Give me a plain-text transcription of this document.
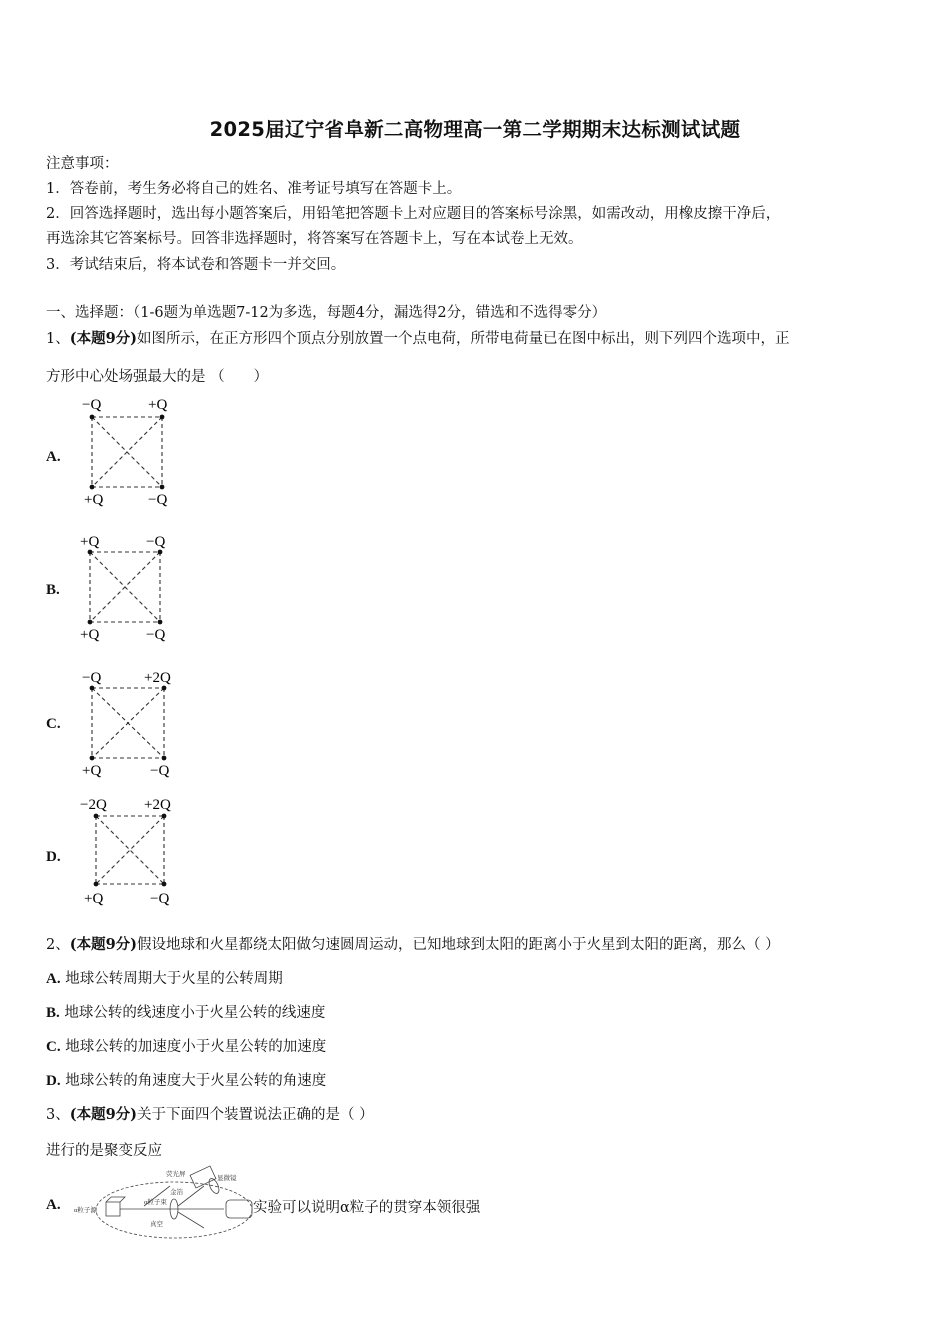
2025届辽宁省阜新二高物理高一第二学期期末达标测试试题
注意事项：
1．答卷前，考生务必将自己的姓名、准考证号填写在答题卡上。
2．回答选择题时，选出每小题答案后，用铅笔把答题卡上对应题目的答案标号涂黑，如需改动，用橡皮擦干净后，
再选涂其它答案标号。回答非选择题时，将答案写在答题卡上，写在本试卷上无效。
3．考试结束后，将本试卷和答题卡一并交回。
一、选择题：（1-6题为单选题7-12为多选，每题4分，漏选得2分，错选和不选得零分）
1、(本题9分)如图所示，在正方形四个顶点分别放置一个点电荷，所带电荷量已在图中标出，则下列四个选项中，正
方形中心处场强最大的是 （　　）
A.
−Q	+Q
+Q	−Q
B.
+Q	−Q
+Q	−Q
C.
−Q	+2Q
+Q	−Q
D.
−2Q +2Q
+Q	−Q
2、(本题9分)假设地球和火星都绕太阳做匀速圆周运动，已知地球到太阳的距离小于火星到太阳的距离，那么（ ）
A. 地球公转周期大于火星的公转周期
B. 地球公转的线速度小于火星公转的线速度
C. 地球公转的加速度小于火星公转的加速度
D. 地球公转的角速度大于火星公转的角速度
3、(本题9分)关于下面四个装置说法正确的是（ ）
进行的是聚变反应
A.
荧光屏
显微镜
金箔
α粒子源
α粒子束
真空
实验可以说明α粒子的贯穿本领很强
